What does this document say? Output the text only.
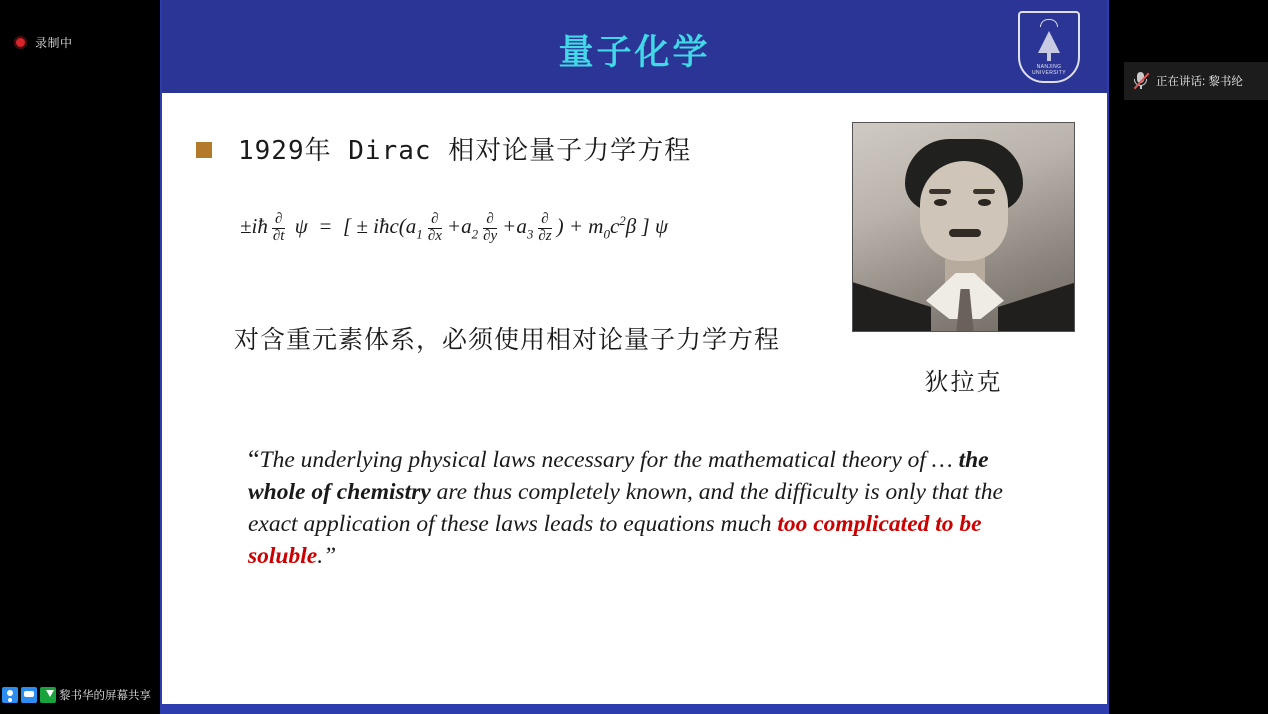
录制中
正在讲话: 黎书纶
量子化学	NANJING UNIVERSITY
1929年 Dirac 相对论量子力学方程
±iħ $\frac{\partial}{\partial t}$ ψ = [ ± $iħc(a_1 \frac{\partial}{\partial x} +a_2 \frac{\partial}{\partial y} +a_3 \frac{\partial}{\partial z}$ ) + $m_0c^2\beta$ ] ψ
对含重元素体系，必须使用相对论量子力学方程
狄拉克
“The underlying physical laws necessary for the mathematical theory of … the whole of chemistry are thus completely known, and the difficulty is only that the exact application of these laws leads to equations much too complicated to be soluble.”
黎书华的屏幕共享
